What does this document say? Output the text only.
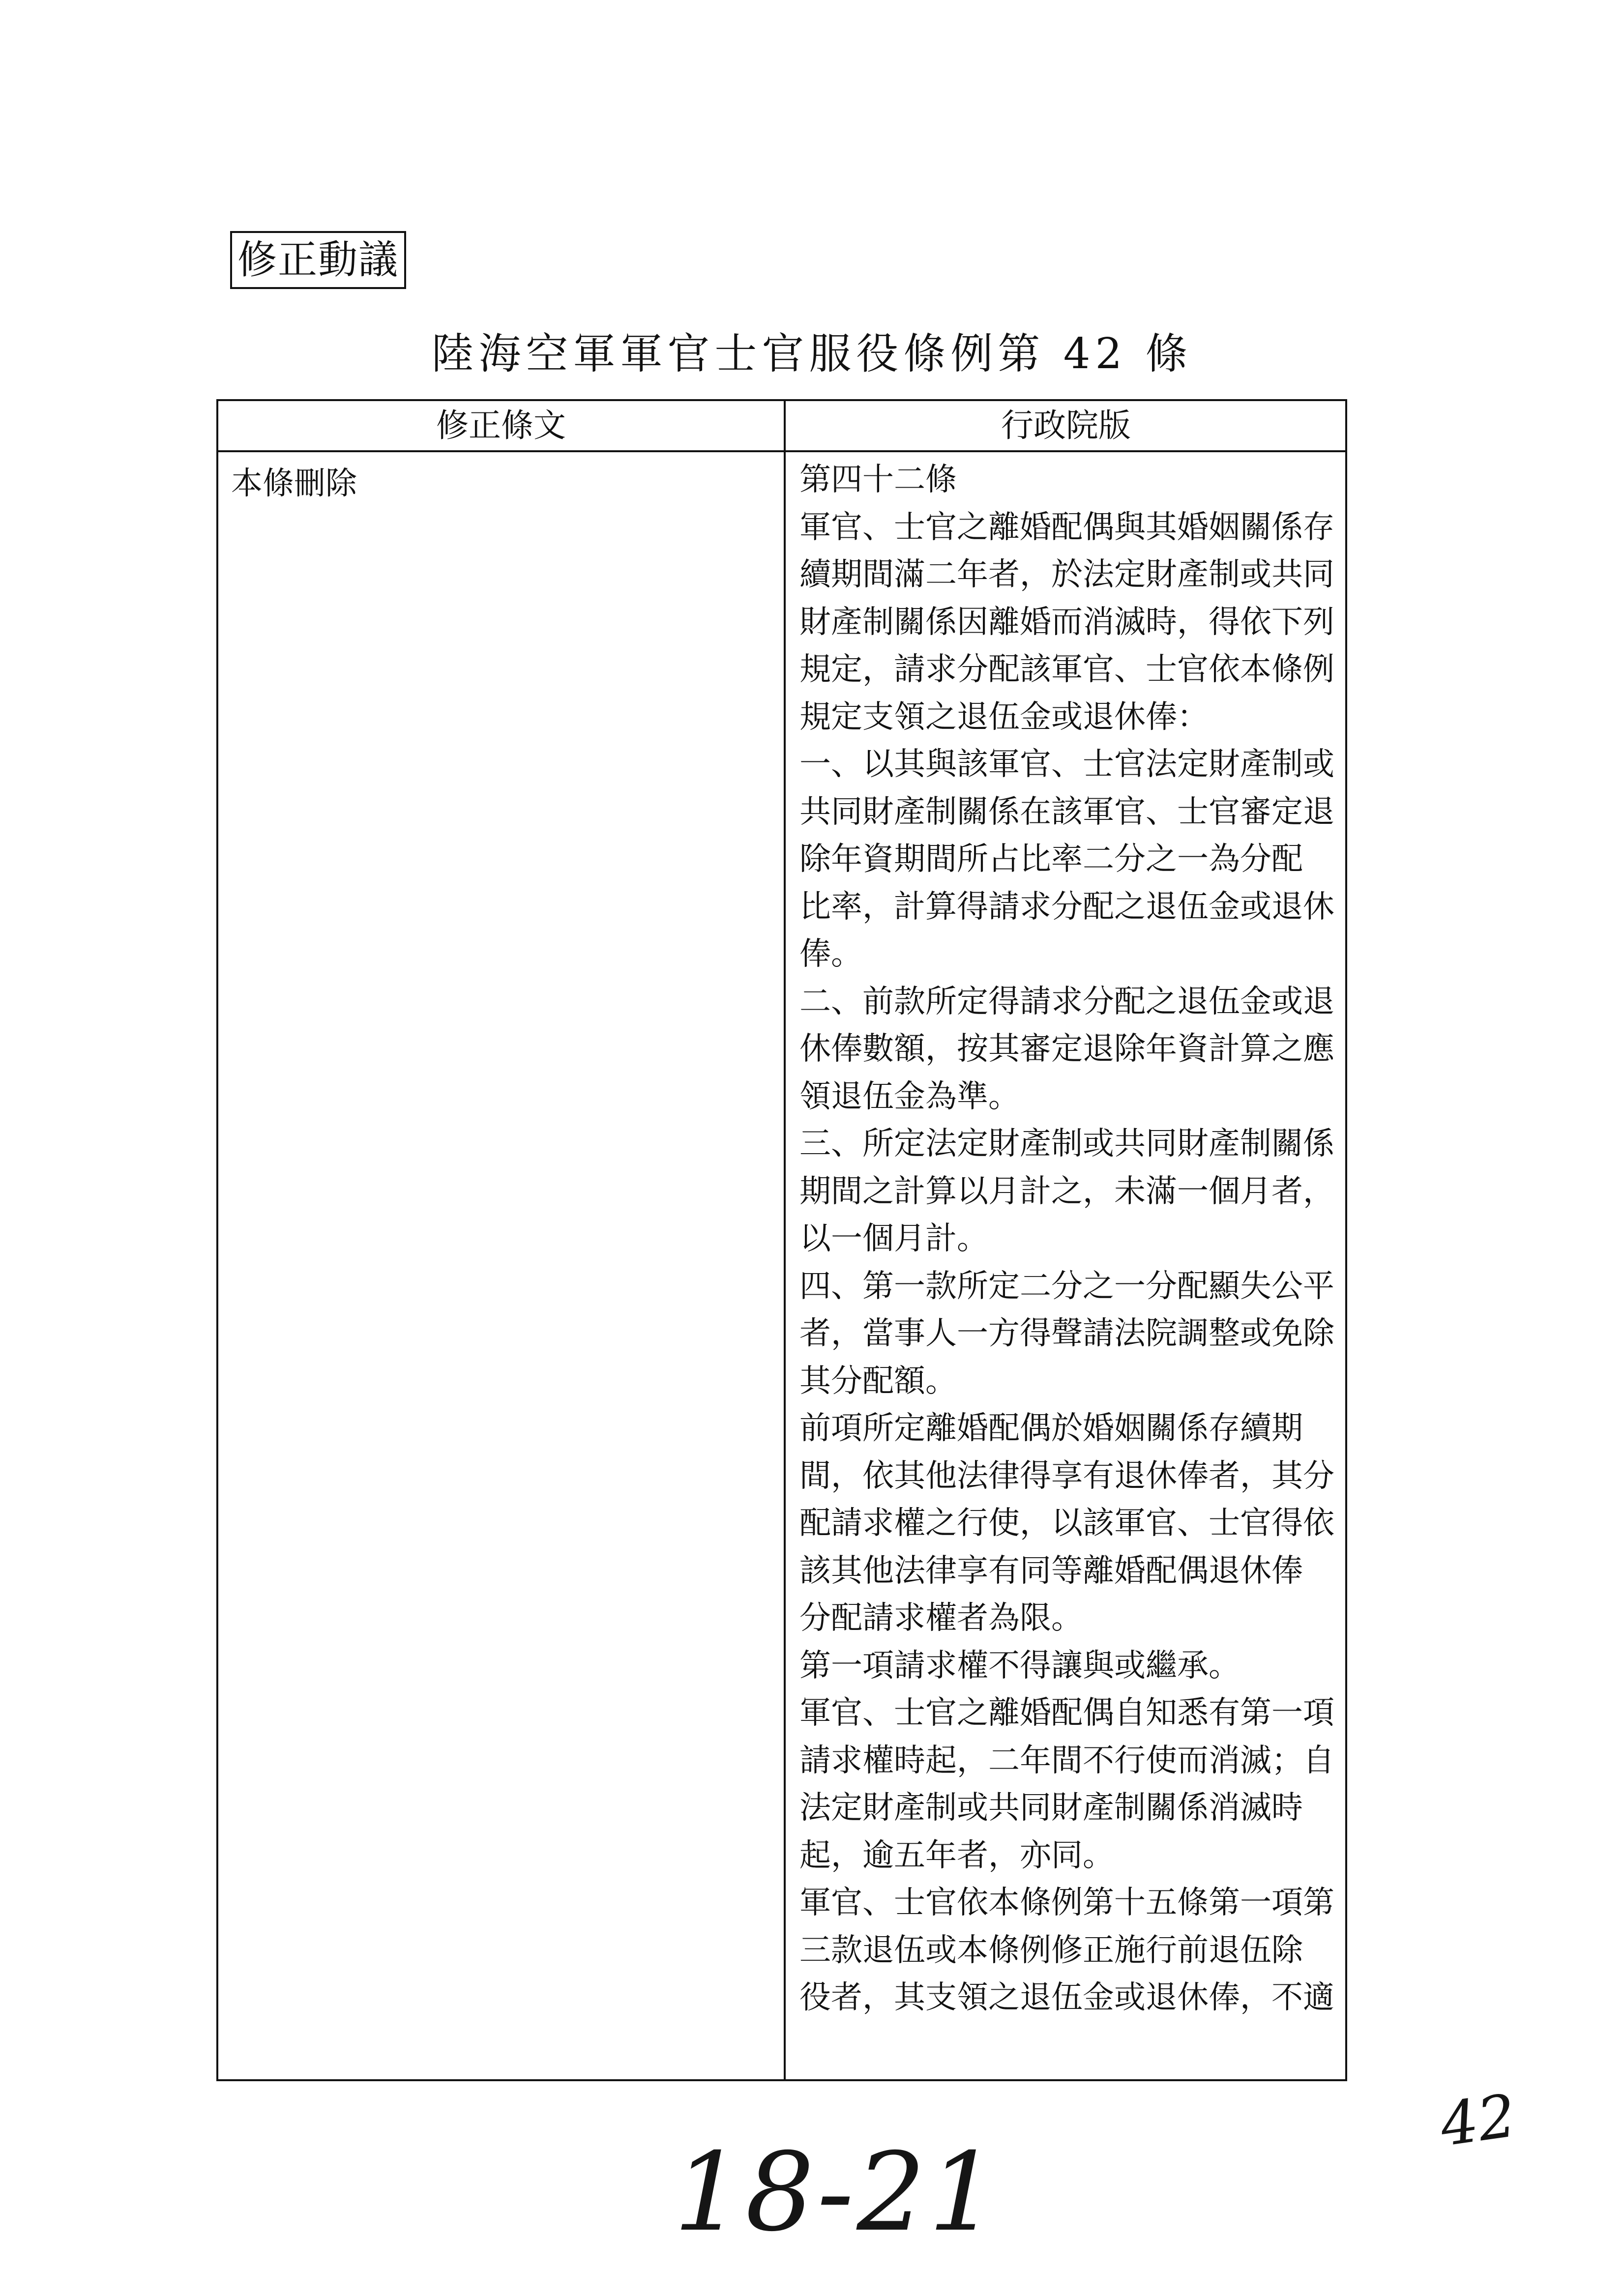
修正動議
陸海空軍軍官士官服役條例第 42 條
修正條文	行政院版
本條刪除	第四十二條
軍官、士官之離婚配偶與其婚姻關係存
續期間滿二年者，於法定財產制或共同
財產制關係因離婚而消滅時，得依下列
規定，請求分配該軍官、士官依本條例
規定支領之退伍金或退休俸：
一、以其與該軍官、士官法定財產制或
共同財產制關係在該軍官、士官審定退
除年資期間所占比率二分之一為分配
比率，計算得請求分配之退伍金或退休
俸。
二、前款所定得請求分配之退伍金或退
休俸數額，按其審定退除年資計算之應
領退伍金為準。
三、所定法定財產制或共同財產制關係
期間之計算以月計之，未滿一個月者，
以一個月計。
四、第一款所定二分之一分配顯失公平
者，當事人一方得聲請法院調整或免除
其分配額。
前項所定離婚配偶於婚姻關係存續期
間，依其他法律得享有退休俸者，其分
配請求權之行使，以該軍官、士官得依
該其他法律享有同等離婚配偶退休俸
分配請求權者為限。
第一項請求權不得讓與或繼承。
軍官、士官之離婚配偶自知悉有第一項
請求權時起，二年間不行使而消滅；自
法定財產制或共同財產制關係消滅時
起，逾五年者，亦同。
軍官、士官依本條例第十五條第一項第
三款退伍或本條例修正施行前退伍除
役者，其支領之退伍金或退休俸，不適
18-21
42
